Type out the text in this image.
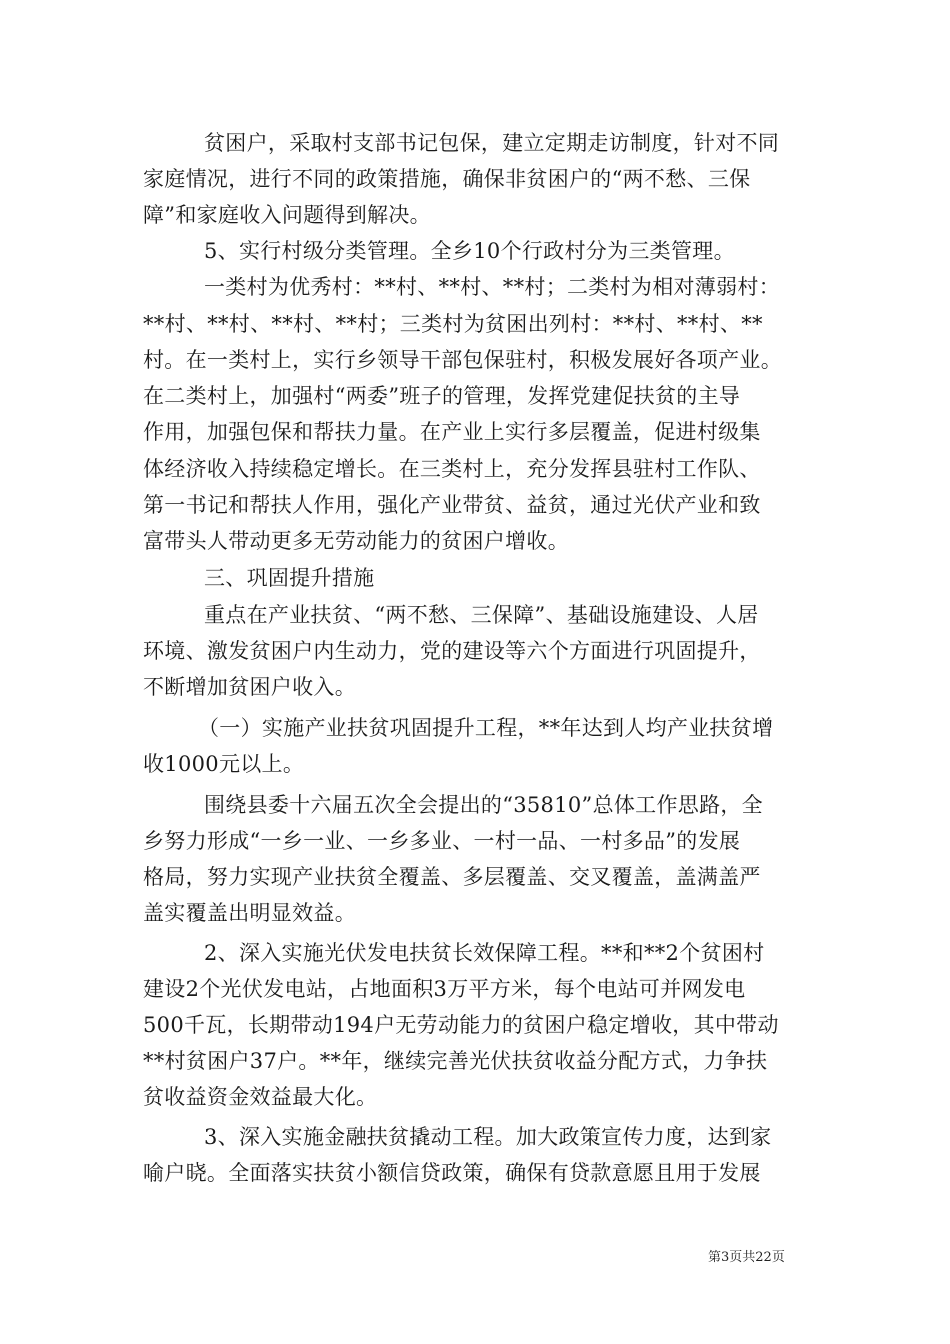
贫困户，采取村支部书记包保，建立定期走访制度，针对不同
家庭情况，进行不同的政策措施，确保非贫困户的“两不愁、三保
障”和家庭收入问题得到解决。
5、实行村级分类管理。全乡10个行政村分为三类管理。
一类村为优秀村：**村、**村、**村；二类村为相对薄弱村：
**村、**村、**村、**村；三类村为贫困出列村：**村、**村、**
村。在一类村上，实行乡领导干部包保驻村，积极发展好各项产业。
在二类村上，加强村“两委”班子的管理，发挥党建促扶贫的主导
作用，加强包保和帮扶力量。在产业上实行多层覆盖，促进村级集
体经济收入持续稳定增长。在三类村上，充分发挥县驻村工作队、
第一书记和帮扶人作用，强化产业带贫、益贫，通过光伏产业和致
富带头人带动更多无劳动能力的贫困户增收。
三、巩固提升措施
重点在产业扶贫、“两不愁、三保障”、基础设施建设、人居
环境、激发贫困户内生动力，党的建设等六个方面进行巩固提升，
不断增加贫困户收入。
（一）实施产业扶贫巩固提升工程，**年达到人均产业扶贫增
收1000元以上。
围绕县委十六届五次全会提出的“35810”总体工作思路，全
乡努力形成“一乡一业、一乡多业、一村一品、一村多品”的发展
格局，努力实现产业扶贫全覆盖、多层覆盖、交叉覆盖，盖满盖严
盖实覆盖出明显效益。
2、深入实施光伏发电扶贫长效保障工程。**和**2个贫困村
建设2个光伏发电站，占地面积3万平方米，每个电站可并网发电
500千瓦，长期带动194户无劳动能力的贫困户稳定增收，其中带动
**村贫困户37户。**年，继续完善光伏扶贫收益分配方式，力争扶
贫收益资金效益最大化。
3、深入实施金融扶贫撬动工程。加大政策宣传力度，达到家
喻户晓。全面落实扶贫小额信贷政策，确保有贷款意愿且用于发展
第3页共22页
